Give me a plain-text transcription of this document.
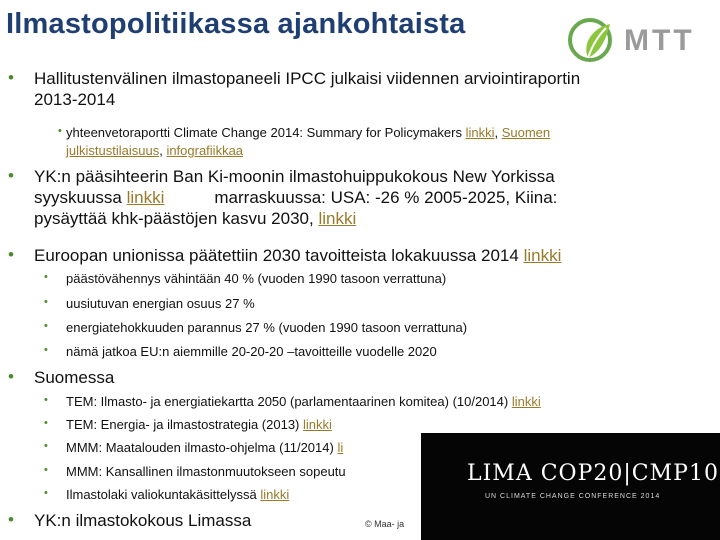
Ilmastopolitiikassa ajankohtaista	MTT
• Hallitustenvälinen ilmastopaneeli IPCC julkaisi viidennen arviointiraportin
2013-2014
• yhteenvetoraportti Climate Change 2014: Summary for Policymakers linkki, Suomen
julkistustilaisuus, infografiikkaa
• YK:n pääsihteerin Ban Ki-moonin ilmastohuippukokous New Yorkissa
syyskuussa linkki	marraskuussa: USA: -26 % 2005-2025, Kiina:
pysäyttää khk-päästöjen kasvu 2030, linkki
• Euroopan unionissa päätettiin 2030 tavoitteista lokakuussa 2014 linkki
• päästövähennys vähintään 40 % (vuoden 1990 tasoon verrattuna)
• uusiutuvan energian osuus 27 %
• energiatehokkuuden parannus 27 % (vuoden 1990 tasoon verrattuna)
• nämä jatkoa EU:n aiemmille 20-20-20 –tavoitteille vuodelle 2020
• Suomessa
• TEM: Ilmasto- ja energiatiekartta 2050 (parlamentaarinen komitea) (10/2014) linkki
• TEM: Energia- ja ilmastostrategia (2013) linkki
• MMM: Maatalouden ilmasto-ohjelma (11/2014) li
• MMM: Kansallinen ilmastonmuutokseen sopeutu
• Ilmastolaki valiokuntakäsittelyssä linkki
• YK:n ilmastokokous Limassa	© Maa- ja
LIMA COP20|CMP10
UN CLIMATE CHANGE CONFERENCE 2014
